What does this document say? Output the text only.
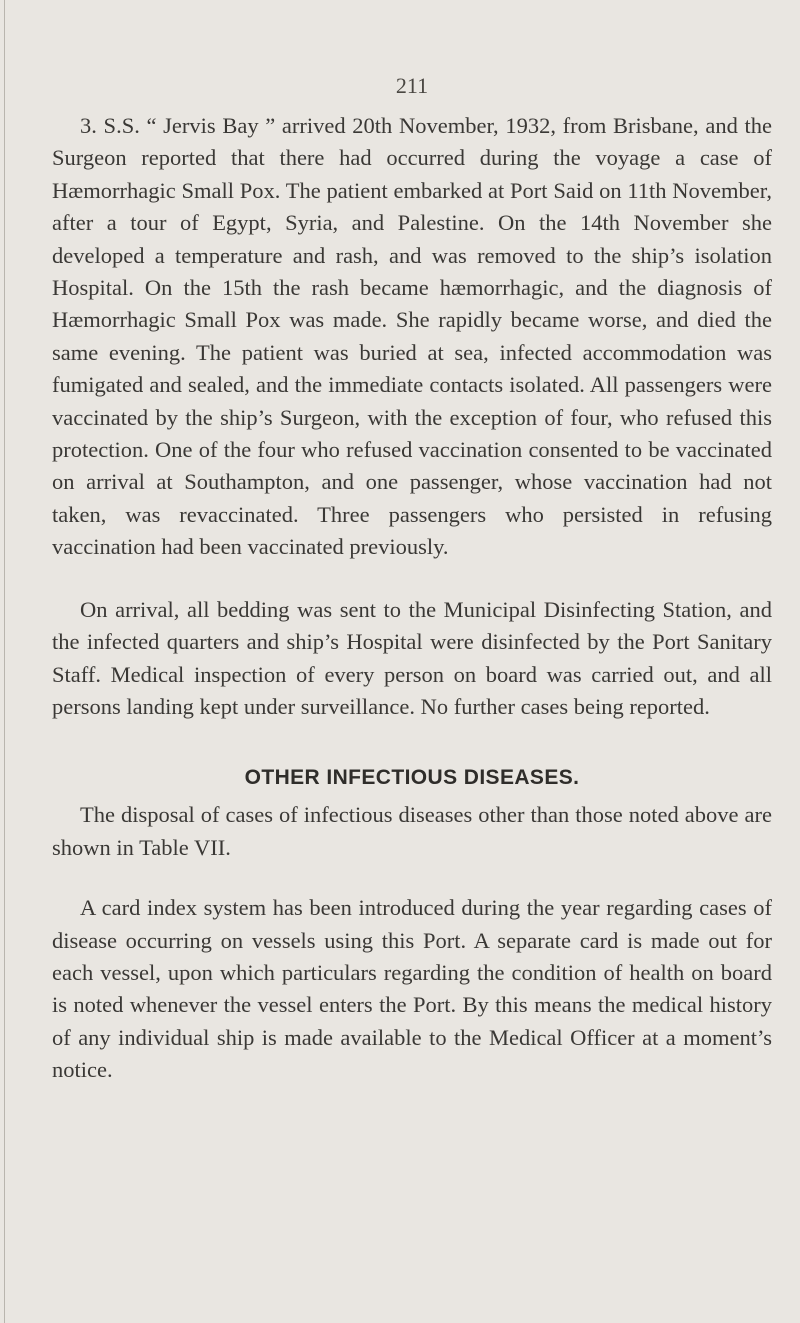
211

3. S.S. “ Jervis Bay ” arrived 20th November, 1932, from Brisbane, and the Surgeon reported that there had occurred during the voyage a case of Hæmorrhagic Small Pox. The patient embarked at Port Said on 11th November, after a tour of Egypt, Syria, and Palestine. On the 14th November she developed a temperature and rash, and was removed to the ship’s isolation Hospital. On the 15th the rash became hæmorrhagic, and the diagnosis of Hæmorrhagic Small Pox was made. She rapidly became worse, and died the same evening. The patient was buried at sea, infected accommodation was fumigated and sealed, and the immediate contacts isolated. All passengers were vaccinated by the ship’s Surgeon, with the exception of four, who refused this protection. One of the four who refused vaccination consented to be vaccinated on arrival at Southampton, and one passenger, whose vaccination had not taken, was revaccinated. Three passengers who persisted in refusing vaccination had been vaccinated previously.

On arrival, all bedding was sent to the Municipal Disinfecting Station, and the infected quarters and ship’s Hospital were disinfected by the Port Sanitary Staff. Medical inspection of every person on board was carried out, and all persons landing kept under surveillance. No further cases being reported.

OTHER INFECTIOUS DISEASES.

The disposal of cases of infectious diseases other than those noted above are shown in Table VII.

A card index system has been introduced during the year regarding cases of disease occurring on vessels using this Port. A separate card is made out for each vessel, upon which particulars regarding the condition of health on board is noted whenever the vessel enters the Port. By this means the medical history of any individual ship is made available to the Medical Officer at a moment’s notice.
